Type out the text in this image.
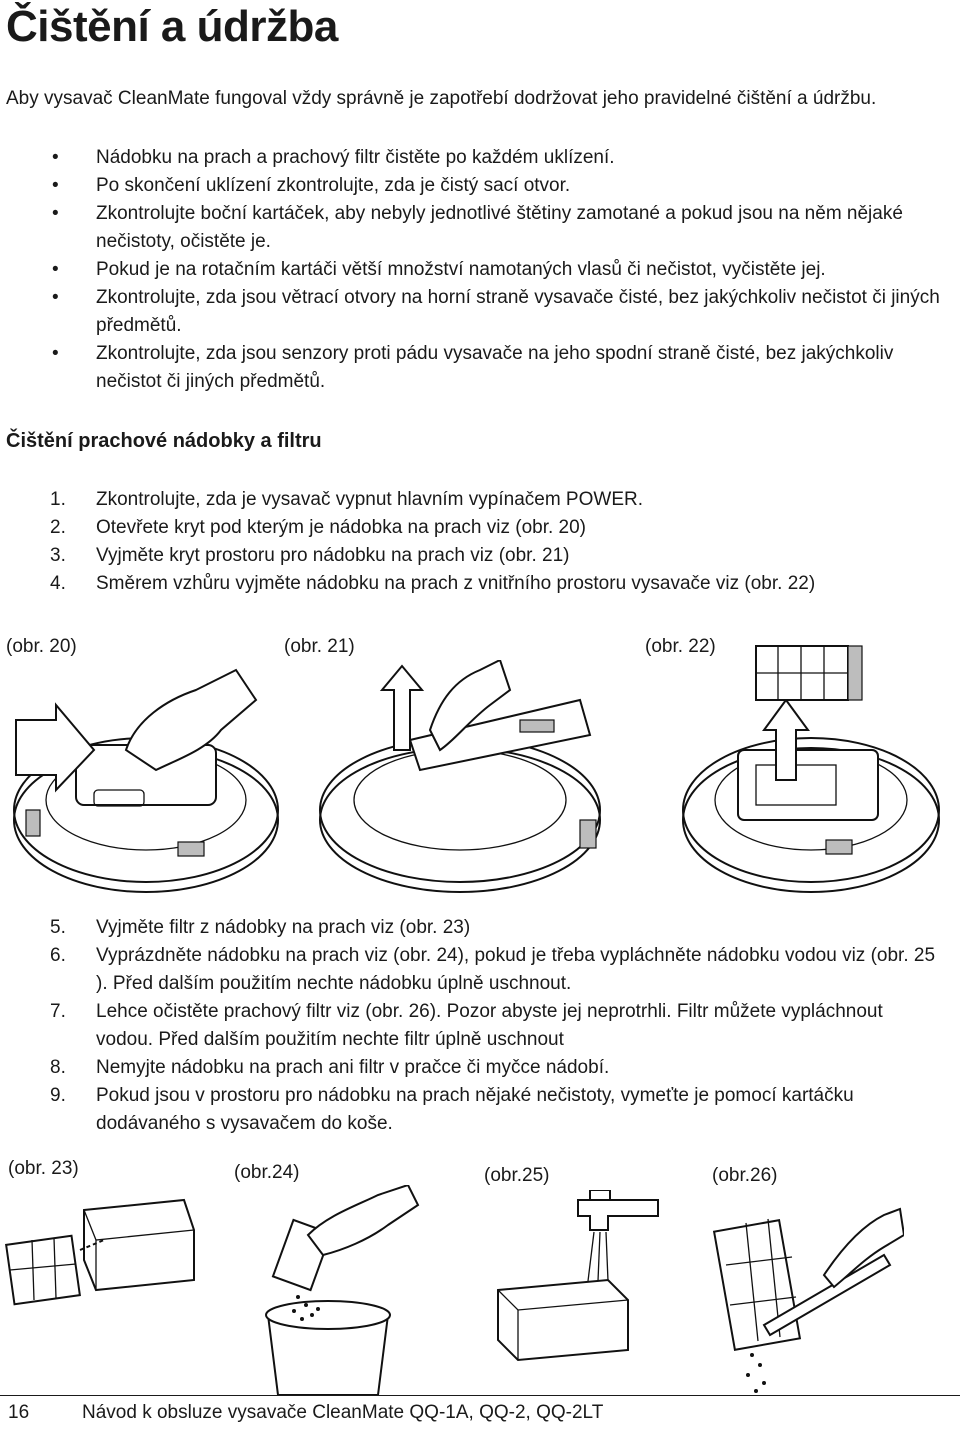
Čištění a údržba

Aby vysavač CleanMate fungoval vždy správně je zapotřebí dodržovat jeho pravidelné čištění a údržbu.

• Nádobku na prach a prachový filtr čistěte po každém uklízení.
• Po skončení uklízení zkontrolujte, zda je čistý sací otvor.
• Zkontrolujte boční kartáček, aby nebyly jednotlivé štětiny zamotané a pokud jsou na něm nějaké nečistoty, očistěte je.
• Pokud je na rotačním kartáči větší množství namotaných vlasů či nečistot, vyčistěte jej.
• Zkontrolujte, zda jsou větrací otvory na horní straně vysavače čisté, bez jakýchkoliv nečistot či jiných předmětů.
• Zkontrolujte, zda jsou senzory proti pádu vysavače na jeho spodní straně čisté, bez jakýchkoliv nečistot či jiných předmětů.
Čištění prachové nádobky a filtru
1. Zkontrolujte, zda je vysavač vypnut hlavním vypínačem POWER.
2. Otevřete kryt pod kterým je nádobka na prach viz (obr. 20)
3. Vyjměte kryt prostoru pro nádobku na prach viz (obr. 21)
4. Směrem vzhůru vyjměte nádobku na prach z vnitřního prostoru vysavače viz (obr. 22)
(obr. 20)	(obr. 21)	(obr. 22)
5. Vyjměte filtr z nádobky na prach viz (obr. 23)
6. Vyprázdněte nádobku na prach viz (obr. 24), pokud je třeba vypláchněte nádobku vodou viz (obr. 25 ). Před dalším použitím nechte nádobku úplně uschnout.
7. Lehce očistěte prachový filtr viz (obr. 26). Pozor abyste jej neprotrhli. Filtr můžete vypláchnout vodou. Před dalším použitím nechte filtr úplně uschnout
8. Nemyjte nádobku na prach ani filtr v pračce či myčce nádobí.
9. Pokud jsou v prostoru pro nádobku na prach nějaké nečistoty, vymeťte je pomocí kartáčku dodávaného s vysavačem do koše.
(obr. 23)	(obr.24)	(obr.25)	(obr.26)
16	Návod k obsluze vysavače CleanMate QQ-1A, QQ-2, QQ-2LT
